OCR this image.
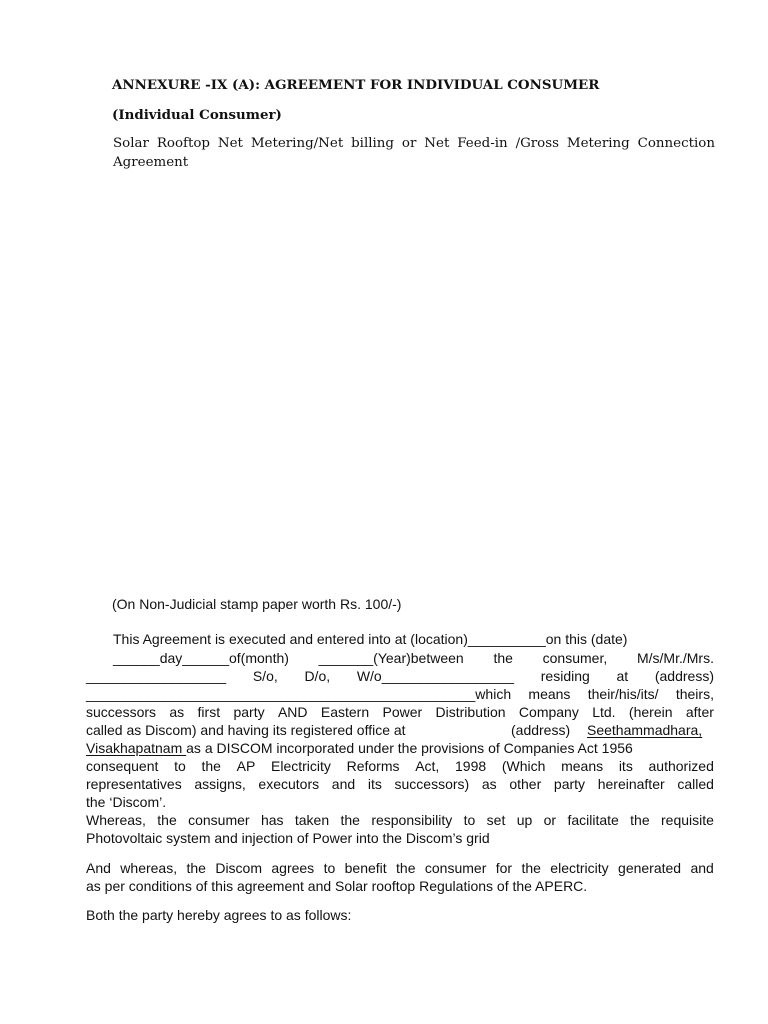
ANNEXURE -IX (A): AGREEMENT FOR INDIVIDUAL CONSUMER
(Individual Consumer)
Solar Rooftop Net Metering/Net billing or Net Feed-in /Gross Metering Connection
Agreement
(On Non-Judicial stamp paper worth Rs. 100/-)
This Agreement is executed and entered into at (location)__________on this (date)
______day______of(month) _______(Year)between the consumer, M/s/Mr./Mrs.
__________________ S/o, D/o, W/o_________________ residing at (address)
__________________________________________________which means their/his/its/ theirs,
successors as first party AND Eastern Power Distribution Company Ltd. (herein after
called as Discom) and having its registered office at	(address) Seethammadhara,
Visakhapatnam as a DISCOM incorporated under the provisions of Companies Act 1956
consequent to the AP Electricity Reforms Act, 1998 (Which means its authorized
representatives assigns, executors and its successors) as other party hereinafter called
the ‘Discom’.
Whereas, the consumer has taken the responsibility to set up or facilitate the requisite
Photovoltaic system and injection of Power into the Discom’s grid
And whereas, the Discom agrees to benefit the consumer for the electricity generated and
as per conditions of this agreement and Solar rooftop Regulations of the APERC.
Both the party hereby agrees to as follows:
